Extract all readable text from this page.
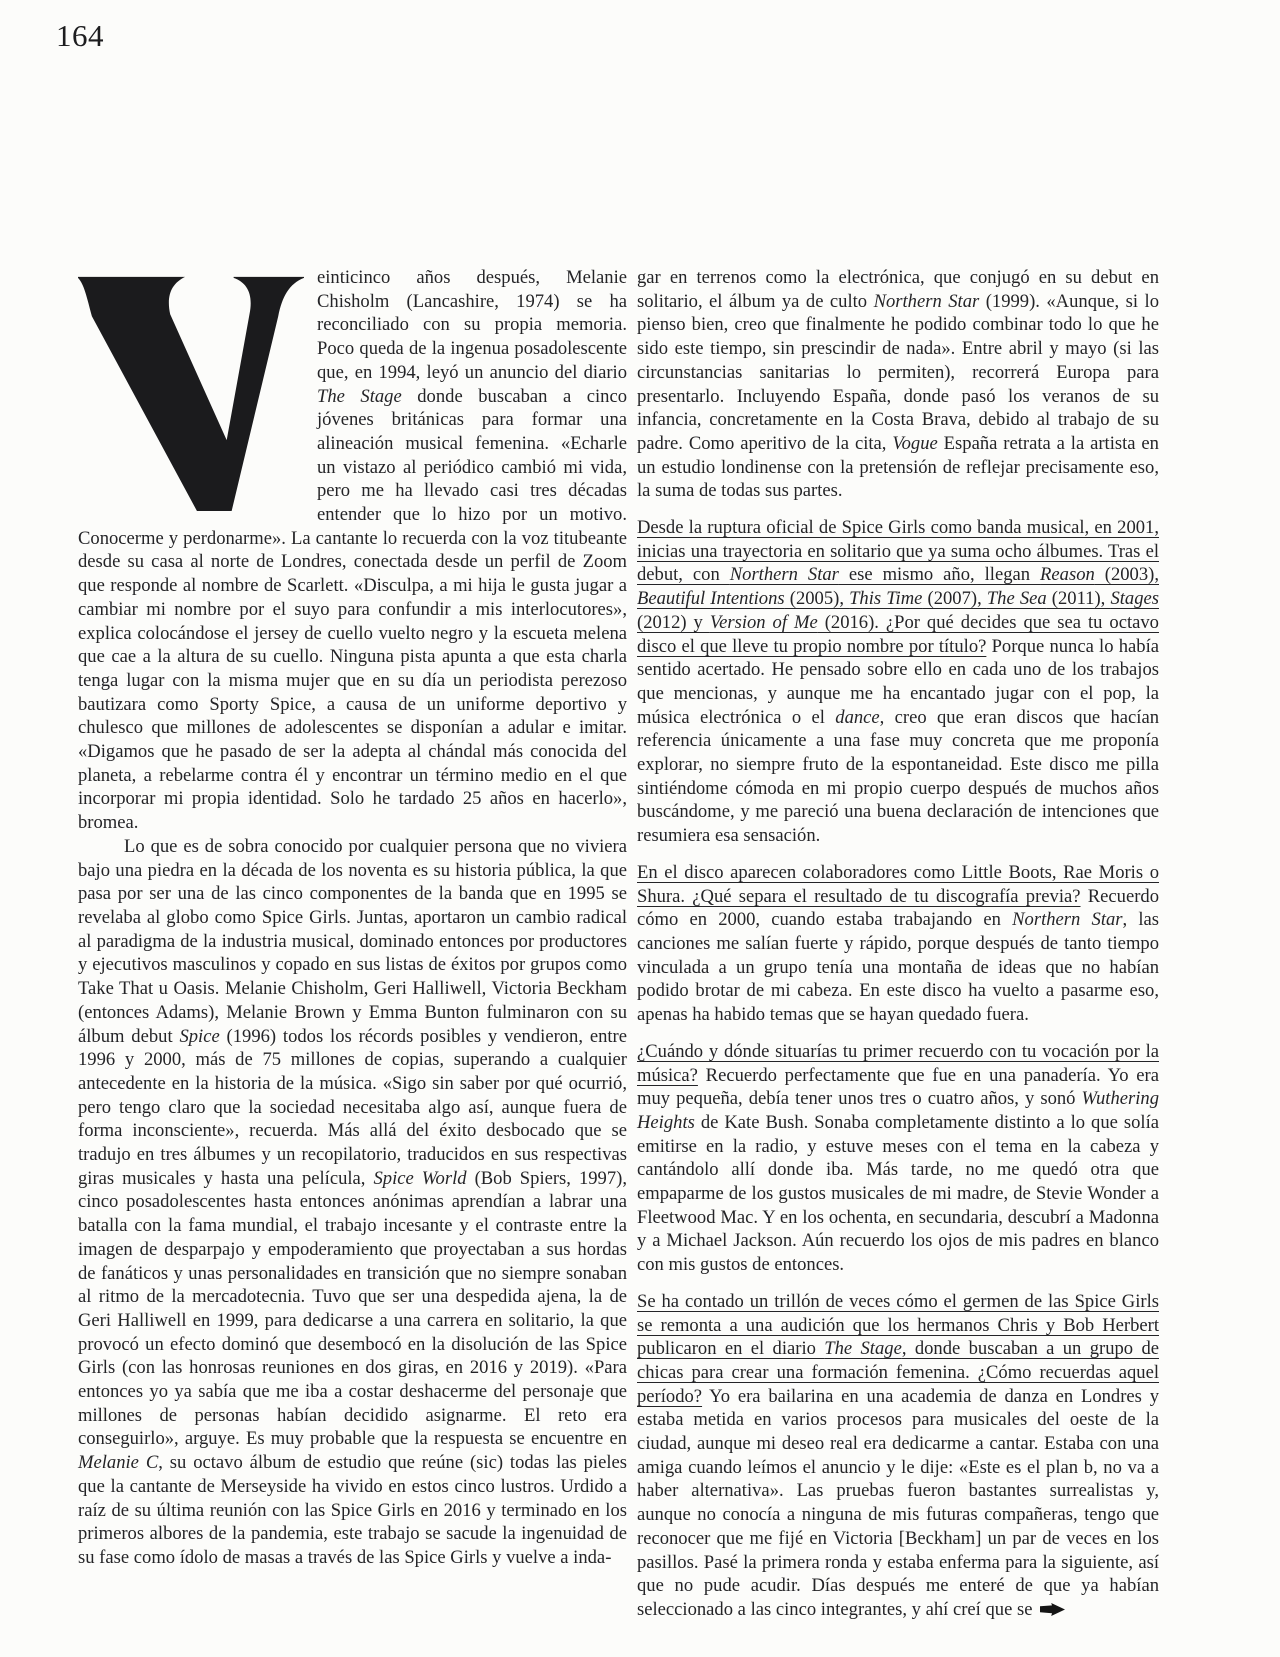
164

einticinco años después, Melanie Chisholm (Lancashire, 1974) se ha reconciliado con su propia memoria. Poco queda de la ingenua posadolescente que, en 1994, leyó un anuncio del diario The Stage donde buscaban a cinco jóvenes británicas para formar una alineación musical femenina. «Echarle un vistazo al periódico cambió mi vida, pero me ha llevado casi tres décadas entender que lo hizo por un motivo. Conocerme y perdonarme». La cantante lo recuerda con la voz titubeante desde su casa al norte de Londres, conectada desde un perfil de Zoom que responde al nombre de Scarlett. «Disculpa, a mi hija le gusta jugar a cambiar mi nombre por el suyo para confundir a mis interlocutores», explica colocándose el jersey de cuello vuelto negro y la escueta melena que cae a la altura de su cuello. Ninguna pista apunta a que esta charla tenga lugar con la misma mujer que en su día un periodista perezoso bautizara como Sporty Spice, a causa de un uniforme deportivo y chulesco que millones de adolescentes se disponían a adular e imitar. «Digamos que he pasado de ser la adepta al chándal más conocida del planeta, a rebelarme contra él y encontrar un término medio en el que incorporar mi propia identidad. Solo he tardado 25 años en hacerlo», bromea.

Lo que es de sobra conocido por cualquier persona que no viviera bajo una piedra en la década de los noventa es su historia pública, la que pasa por ser una de las cinco componentes de la banda que en 1995 se revelaba al globo como Spice Girls. Juntas, aportaron un cambio radical al paradigma de la industria musical, dominado entonces por productores y ejecutivos masculinos y copado en sus listas de éxitos por grupos como Take That u Oasis. Melanie Chisholm, Geri Halliwell, Victoria Beckham (entonces Adams), Melanie Brown y Emma Bunton fulminaron con su álbum debut Spice (1996) todos los récords posibles y vendieron, entre 1996 y 2000, más de 75 millones de copias, superando a cualquier antecedente en la historia de la música. «Sigo sin saber por qué ocurrió, pero tengo claro que la sociedad necesitaba algo así, aunque fuera de forma inconsciente», recuerda. Más allá del éxito desbocado que se tradujo en tres álbumes y un recopilatorio, traducidos en sus respectivas giras musicales y hasta una película, Spice World (Bob Spiers, 1997), cinco posadolescentes hasta entonces anónimas aprendían a labrar una batalla con la fama mundial, el trabajo incesante y el contraste entre la imagen de desparpajo y empoderamiento que proyectaban a sus hordas de fanáticos y unas personalidades en transición que no siempre sonaban al ritmo de la mercadotecnia. Tuvo que ser una despedida ajena, la de Geri Halliwell en 1999, para dedicarse a una carrera en solitario, la que provocó un efecto dominó que desembocó en la disolución de las Spice Girls (con las honrosas reuniones en dos giras, en 2016 y 2019). «Para entonces yo ya sabía que me iba a costar deshacerme del personaje que millones de personas habían decidido asignarme. El reto era conseguirlo», arguye. Es muy probable que la respuesta se encuentre en Melanie C, su octavo álbum de estudio que reúne (sic) todas las pieles que la cantante de Merseyside ha vivido en estos cinco lustros. Urdido a raíz de su última reunión con las Spice Girls en 2016 y terminado en los primeros albores de la pandemia, este trabajo se sacude la ingenuidad de su fase como ídolo de masas a través de las Spice Girls y vuelve a inda-

gar en terrenos como la electrónica, que conjugó en su debut en solitario, el álbum ya de culto Northern Star (1999). «Aunque, si lo pienso bien, creo que finalmente he podido combinar todo lo que he sido este tiempo, sin prescindir de nada». Entre abril y mayo (si las circunstancias sanitarias lo permiten), recorrerá Europa para presentarlo. Incluyendo España, donde pasó los veranos de su infancia, concretamente en la Costa Brava, debido al trabajo de su padre. Como aperitivo de la cita, Vogue España retrata a la artista en un estudio londinense con la pretensión de reflejar precisamente eso, la suma de todas sus partes.

Desde la ruptura oficial de Spice Girls como banda musical, en 2001, inicias una trayectoria en solitario que ya suma ocho álbumes. Tras el debut, con Northern Star ese mismo año, llegan Reason (2003), Beautiful Intentions (2005), This Time (2007), The Sea (2011), Stages (2012) y Version of Me (2016). ¿Por qué decides que sea tu octavo disco el que lleve tu propio nombre por título? Porque nunca lo había sentido acertado. He pensado sobre ello en cada uno de los trabajos que mencionas, y aunque me ha encantado jugar con el pop, la música electrónica o el dance, creo que eran discos que hacían referencia únicamente a una fase muy concreta que me proponía explorar, no siempre fruto de la espontaneidad. Este disco me pilla sintiéndome cómoda en mi propio cuerpo después de muchos años buscándome, y me pareció una buena declaración de intenciones que resumiera esa sensación.

En el disco aparecen colaboradores como Little Boots, Rae Moris o Shura. ¿Qué separa el resultado de tu discografía previa? Recuerdo cómo en 2000, cuando estaba trabajando en Northern Star, las canciones me salían fuerte y rápido, porque después de tanto tiempo vinculada a un grupo tenía una montaña de ideas que no habían podido brotar de mi cabeza. En este disco ha vuelto a pasarme eso, apenas ha habido temas que se hayan quedado fuera.

¿Cuándo y dónde situarías tu primer recuerdo con tu vocación por la música? Recuerdo perfectamente que fue en una panadería. Yo era muy pequeña, debía tener unos tres o cuatro años, y sonó Wuthering Heights de Kate Bush. Sonaba completamente distinto a lo que solía emitirse en la radio, y estuve meses con el tema en la cabeza y cantándolo allí donde iba. Más tarde, no me quedó otra que empaparme de los gustos musicales de mi madre, de Stevie Wonder a Fleetwood Mac. Y en los ochenta, en secundaria, descubrí a Madonna y a Michael Jackson. Aún recuerdo los ojos de mis padres en blanco con mis gustos de entonces.

Se ha contado un trillón de veces cómo el germen de las Spice Girls se remonta a una audición que los hermanos Chris y Bob Herbert publicaron en el diario The Stage, donde buscaban a un grupo de chicas para crear una formación femenina. ¿Cómo recuerdas aquel período? Yo era bailarina en una academia de danza en Londres y estaba metida en varios procesos para musicales del oeste de la ciudad, aunque mi deseo real era dedicarme a cantar. Estaba con una amiga cuando leímos el anuncio y le dije: «Este es el plan b, no va a haber alternativa». Las pruebas fueron bastantes surrealistas y, aunque no conocía a ninguna de mis futuras compañeras, tengo que reconocer que me fijé en Victoria [Beckham] un par de veces en los pasillos. Pasé la primera ronda y estaba enferma para la siguiente, así que no pude acudir. Días después me enteré de que ya habían seleccionado a las cinco integrantes, y ahí creí que se
